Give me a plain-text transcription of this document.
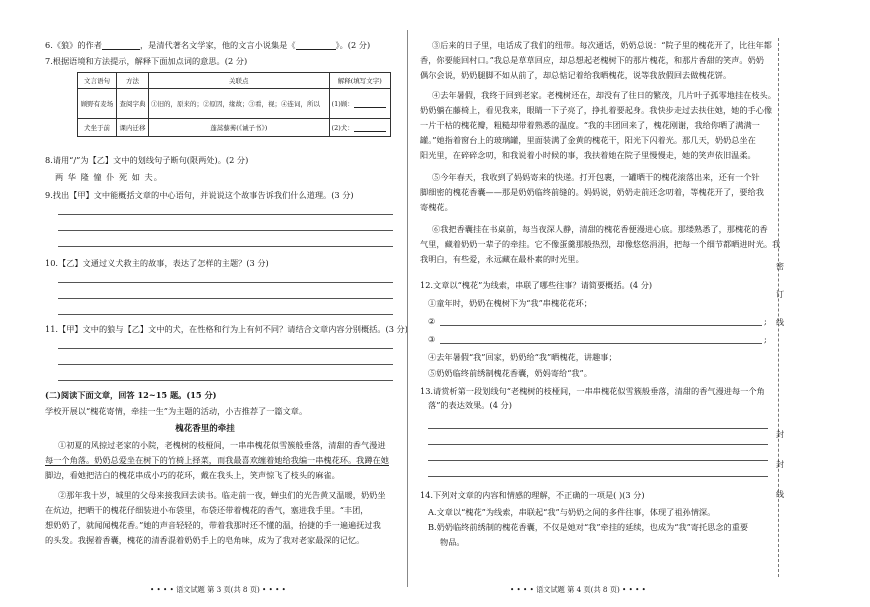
6.《狼》的作者	，是清代著名文学家，他的文言小说集是《	》。(2 分)
7.根据语境和方法提示，解释下面加点词的意思。(2 分)
文言语句	方法	关联点	解释(填写文字)
顾野有麦场	查阅字典	①旧的，原来的；②原因，缘故；③看，视；④连词，所以	(1)顾：
犬坐于前	课内迁移	蓬蒿藜莠(《诫子书》)	(2)犬：
8.请用“/”为【乙】文中的划线句子断句(限两处)。(2 分)
两 华 隆 憧 仆 死 如 夫。
9.找出【甲】文中能概括文章的中心语句，并说说这个故事告诉我们什么道理。(3 分)
10.【乙】文通过义犬救主的故事，表达了怎样的主题？(3 分)
11.【甲】文中的狼与【乙】文中的犬，在性格和行为上有何不同？请结合文章内容分别概括。(3 分)
(二)阅读下面文章，回答 12~15 题。(15 分)
学校开展以“槐花寄情，牵挂一生”为主题的活动，小吉推荐了一篇文章。
槐花香里的牵挂
①初夏的风掠过老家的小院，老槐树的枝桠间，一串串槐花似雪簇般垂落，清甜的香气漫进
每一个角落。奶奶总爱坐在树下的竹椅上择菜，而我最喜欢缠着她给我编一串槐花环。我蹲在她
脚边，看她把洁白的槐花串成小巧的花环，戴在我头上，笑声惊飞了枝头的麻雀。
②那年我十岁，城里的父母来接我回去读书。临走前一夜，蝉虫们的光告黄又温暖，奶奶坐
在炕边，把晒干的槐花仔细装进小布袋里，布袋还带着槐花的香气，塞进我手里。“丰团，
想奶奶了，就闻闻槐花香。”她的声音轻轻的，带着我那时还不懂的温，抬捷的手一遍遍抚过我
的头发。我握着香囊，槐花的清香混着奶奶手上的皂角味，成为了我对老家最深的记忆。
• • • • 语文试题 第 3 页(共 8 页) • • • •
③后来的日子里，电话成了我们的纽带。每次通话，奶奶总说：“院子里的槐花开了，比往年都
香，你要能回村口。”我总是草草回应，却总想起老槐树下的那片槐花，和那片香甜的笑声。奶奶
偶尔会说，奶奶腿脚不如从前了，却总惦记着给我晒槐花，说等我放假回去做槐花饼。
④去年暑假，我终于回到老家。老槐树还在，却没有了往日的繁茂，几片叶子孤零地挂在枝头。
奶奶躺在藤椅上，看见我来，眼睛一下子亮了，挣扎着要起身。我快步走过去扶住她，她的手心像
一片干枯的槐花瓣，粗糙却带着熟悉的温度。“我的丰团回来了，槐花刚谢，我给你晒了满满一
罐。”她指着窗台上的玻璃罐，里面装满了金黄的槐花干，阳光下闪着光。那几天，奶奶总坐在
阳光里，在碎碎念叨，和我说着小时候的事，我扶着她在院子里慢慢走，她的笑声依旧温柔。
⑤今年春天，我收到了妈妈寄来的快递。打开包裹，一罐晒干的槐花滚落出来，还有一个针
脚细密的槐花香囊——那是奶奶临终前缝的。妈妈说，奶奶走前还念叨着，等槐花开了，要给我
寄槐花。
⑥我把香囊挂在书桌前，每当夜深人静，清甜的槐花香便漫进心底。那缕熟悉了，那槐花的香
气里，藏着奶奶一辈子的牵挂。它不像蛋羹那般热烈，却像悠悠涓涓，把每一个细节都晒进时光。我
我明白，有些爱，永远藏在最朴素的时光里。
12.文章以“槐花”为线索，串联了哪些往事？请简要概括。(4 分)
①童年时，奶奶在槐树下为“我”串槐花花环；
②	;
③	;
④去年暑假“我”回家，奶奶给“我”晒槐花，讲趣事；
⑤奶奶临终前绣制槐花香囊，奶妈寄给“我”。
13.请赏析第一段划线句“老槐树的枝桠间，一串串槐花似雪簇般垂落，清甜的香气漫进每一个角
落”的表达效果。(4 分)
14.下列对文章的内容和情感的理解，不正确的一项是( )(3 分)
A.文章以“槐花”为线索，串联起“我”与奶奶之间的多件往事，体现了祖孙情深。
B.奶奶临终前绣制的槐花香囊，不仅是她对“我”牵挂的延续，也成为“我”寄托思念的重要
物品。
• • • • 语文试题 第 4 页(共 8 页) • • • •
密
订
线
封
封
线
